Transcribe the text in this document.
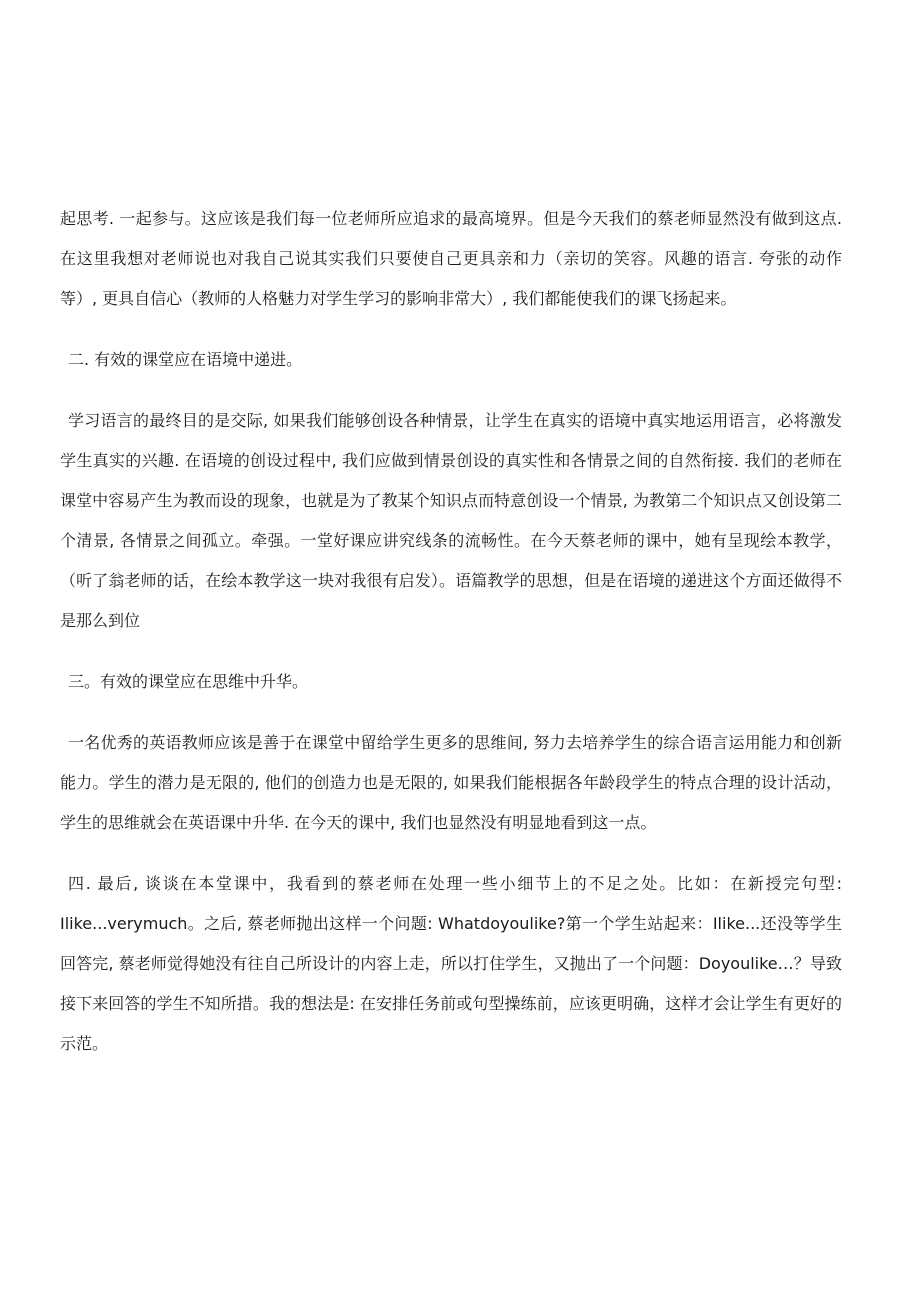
起思考. 一起参与。这应该是我们每一位老师所应追求的最高境界。但是今天我们的蔡老师显然没有做到这点. 在这里我想对老师说也对我自己说其实我们只要使自己更具亲和力（亲切的笑容。风趣的语言. 夸张的动作等）, 更具自信心（教师的人格魅力对学生学习的影响非常大）, 我们都能使我们的课飞扬起来。

二. 有效的课堂应在语境中递进。

学习语言的最终目的是交际, 如果我们能够创设各种情景，让学生在真实的语境中真实地运用语言，必将激发学生真实的兴趣. 在语境的创设过程中, 我们应做到情景创设的真实性和各情景之间的自然衔接. 我们的老师在课堂中容易产生为教而设的现象，也就是为了教某个知识点而特意创设一个情景, 为教第二个知识点又创设第二个清景, 各情景之间孤立。牵强。一堂好课应讲究线条的流畅性。在今天蔡老师的课中，她有呈现绘本教学，（听了翁老师的话，在绘本教学这一块对我很有启发）。语篇教学的思想，但是在语境的递进这个方面还做得不是那么到位

三。有效的课堂应在思维中升华。

一名优秀的英语教师应该是善于在课堂中留给学生更多的思维间, 努力去培养学生的综合语言运用能力和创新能力。学生的潜力是无限的, 他们的创造力也是无限的, 如果我们能根据各年龄段学生的特点合理的设计活动，学生的思维就会在英语课中升华. 在今天的课中, 我们也显然没有明显地看到这一点。

四. 最后, 谈谈在本堂课中，我看到的蔡老师在处理一些小细节上的不足之处。比如：在新授完句型: Ilike...verymuch。之后, 蔡老师抛出这样一个问题: Whatdoyoulike?第一个学生站起来：Ilike...还没等学生回答完, 蔡老师觉得她没有往自己所设计的内容上走，所以打住学生，又抛出了一个问题：Doyoulike…？导致接下来回答的学生不知所措。我的想法是: 在安排任务前或句型操练前，应该更明确，这样才会让学生有更好的示范。
